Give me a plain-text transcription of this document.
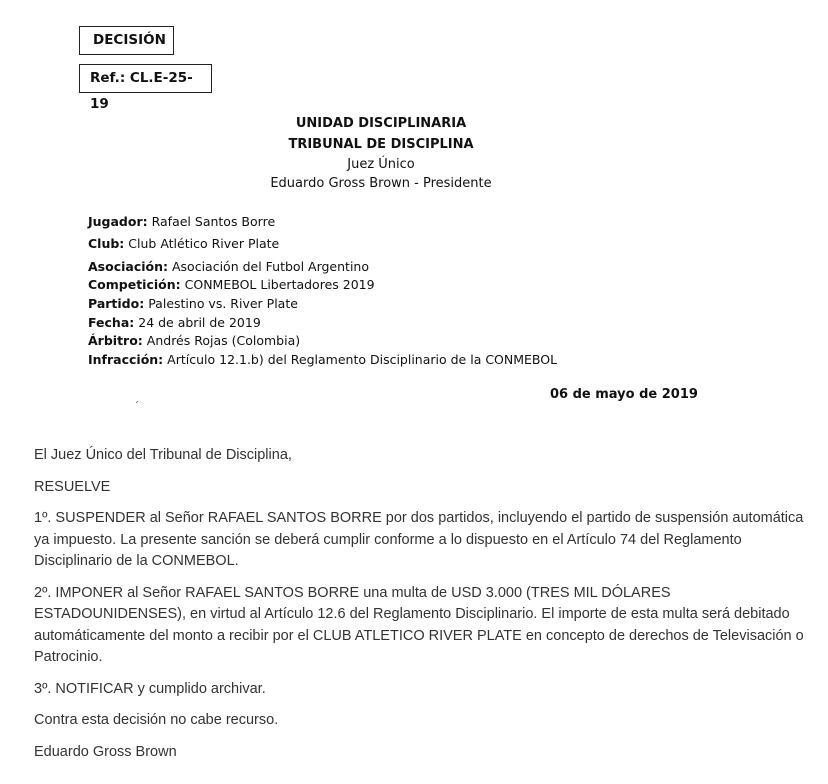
DECISIÓN
Ref.: CL.E-25-19
UNIDAD DISCIPLINARIA
TRIBUNAL DE DISCIPLINA
Juez Único
Eduardo Gross Brown - Presidente
Jugador: Rafael Santos Borre
Club: Club Atlético River Plate
Asociación: Asociación del Futbol Argentino
Competición: CONMEBOL Libertadores 2019
Partido: Palestino vs. River Plate
Fecha: 24 de abril de 2019
Árbitro: Andrés Rojas (Colombia)
Infracción: Artículo 12.1.b) del Reglamento Disciplinario de la CONMEBOL
06 de mayo de 2019
´

El Juez Único del Tribunal de Disciplina,

RESUELVE

1º. SUSPENDER al Señor RAFAEL SANTOS BORRE por dos partidos, incluyendo el partido de suspensión automática ya impuesto. La presente sanción se deberá cumplir conforme a lo dispuesto en el Artículo 74 del Reglamento Disciplinario de la CONMEBOL.

2º. IMPONER al Señor RAFAEL SANTOS BORRE una multa de USD 3.000 (TRES MIL DÓLARES ESTADOUNIDENSES), en virtud al Artículo 12.6 del Reglamento Disciplinario. El importe de esta multa será debitado automáticamente del monto a recibir por el CLUB ATLETICO RIVER PLATE en concepto de derechos de Televisación o Patrocinio.

3º. NOTIFICAR y cumplido archivar.

Contra esta decisión no cabe recurso.

Eduardo Gross Brown
